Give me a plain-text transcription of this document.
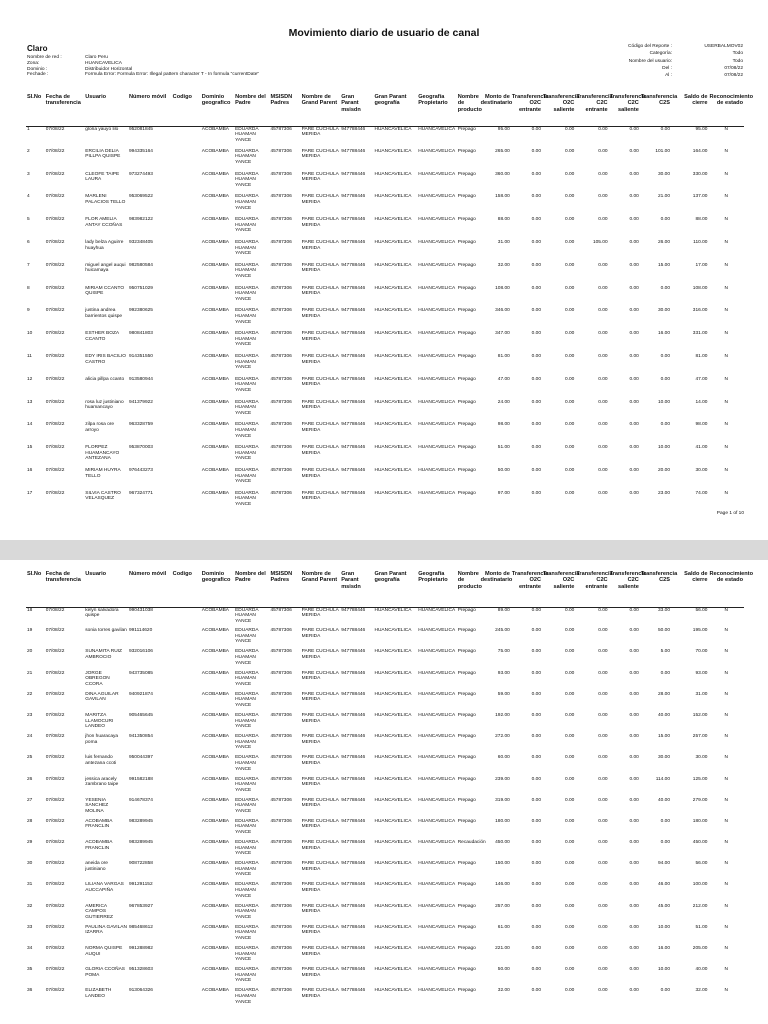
Movimiento diario de usuario de canal
Claro
Nombre de red :	Claro Peru
Zona:	HUANCAVELICA
Dominio :	Distribuidor Horizontal
Fechade :	Formula Error: Formula Error: Illegal pattern character T - In formula "currentDate"
Código del Reporte :	USERBALMOV02
Categoría:	Todo
Nombre del usuario:	Todo
Del :	07/08/22
Al :	07/08/22
SI.No	Fecha de transferencia	Usuario	Número móvil	Codigo	Dominio geografico	Nombre del Padre	MSISDN Padres	Nombre de Grand Parent	Gran Parant msisdn	Gran Parant geografía	Geografía Propietario	Nombre de producto	Monto de destinatario	Transferencia O2C entrante	Transferencia O2C saliente	Transferencia C2C entrante	Transferencia C2C saliente	Transferencia C2S	Saldo de cierre	Reconocimiento de estado
1	07/08/22	gloria yauyo lilo	952081845		ACOBAMBA	EDUARDA HUAMAN YANCE	45787306	PARE CUCHULA MERIDA	947788446	HUANCAVELICA	HUANCAVELICA	Prepago	95.00	0.00	0.00	0.00	0.00	0.00	95.00	N
2	07/08/22	ERCILIA DELIA PILLPA QUISPE	994335164		ACOBAMBA	EDUARDA HUAMAN YANCE	45787306	PARE CUCHULA MERIDA	947788446	HUANCAVELICA	HUANCAVELICA	Prepago	265.00	0.00	0.00	0.00	0.00	101.00	164.00	N
3	07/08/22	CLEOFE TAIPE LAURA	973274493		ACOBAMBA	EDUARDA HUAMAN YANCE	45787306	PARE CUCHULA MERIDA	947788446	HUANCAVELICA	HUANCAVELICA	Prepago	360.00	0.00	0.00	0.00	0.00	30.00	330.00	N
4	07/08/22	MARLENI PALACIOS TELLO	953069522		ACOBAMBA	EDUARDA HUAMAN YANCE	45787306	PARE CUCHULA MERIDA	947788446	HUANCAVELICA	HUANCAVELICA	Prepago	158.00	0.00	0.00	0.00	0.00	21.00	137.00	N
5	07/08/22	FLOR AMELIA ANTAY CCOÑAS	983982122		ACOBAMBA	EDUARDA HUAMAN YANCE	45787306	PARE CUCHULA MERIDA	947788446	HUANCAVELICA	HUANCAVELICA	Prepago	88.00	0.00	0.00	0.00	0.00	0.00	88.00	N
6	07/08/22	lady belza Aguirre huayhua	932348405		ACOBAMBA	EDUARDA HUAMAN YANCE	45787306	PARE CUCHULA MERIDA	947788446	HUANCAVELICA	HUANCAVELICA	Prepago	31.00	0.00	0.00	105.00	0.00	26.00	110.00	N
7	07/08/22	miguel angel auqui huicamaya	982580584		ACOBAMBA	EDUARDA HUAMAN YANCE	45787306	PARE CUCHULA MERIDA	947788446	HUANCAVELICA	HUANCAVELICA	Prepago	32.00	0.00	0.00	0.00	0.00	15.00	17.00	N
8	07/08/22	MIRIAM CCANTO QUISPE	950751029		ACOBAMBA	EDUARDA HUAMAN YANCE	45787306	PARE CUCHULA MERIDA	947788446	HUANCAVELICA	HUANCAVELICA	Prepago	108.00	0.00	0.00	0.00	0.00	0.00	108.00	N
9	07/08/22	justina andrea barrientos quispe	992380625		ACOBAMBA	EDUARDA HUAMAN YANCE	45787306	PARE CUCHULA MERIDA	947788446	HUANCAVELICA	HUANCAVELICA	Prepago	346.00	0.00	0.00	0.00	0.00	30.00	316.00	N
10	07/08/22	ESTHER BOZA CCANTO	980841803		ACOBAMBA	EDUARDA HUAMAN YANCE	45787306	PARE CUCHULA MERIDA	947788446	HUANCAVELICA	HUANCAVELICA	Prepago	347.00	0.00	0.00	0.00	0.00	16.00	331.00	N
11	07/08/22	EDY IRIS BACILIO CASTRO	914351550		ACOBAMBA	EDUARDA HUAMAN YANCE	45787306	PARE CUCHULA MERIDA	947788446	HUANCAVELICA	HUANCAVELICA	Prepago	81.00	0.00	0.00	0.00	0.00	0.00	81.00	N
12	07/08/22	alicia pillpa ccanto	913580944		ACOBAMBA	EDUARDA HUAMAN YANCE	45787306	PARE CUCHULA MERIDA	947788446	HUANCAVELICA	HUANCAVELICA	Prepago	47.00	0.00	0.00	0.00	0.00	0.00	47.00	N
13	07/08/22	rosa luz justiniano huamancayo	941379922		ACOBAMBA	EDUARDA HUAMAN YANCE	45787306	PARE CUCHULA MERIDA	947788446	HUANCAVELICA	HUANCAVELICA	Prepago	24.00	0.00	0.00	0.00	0.00	10.00	14.00	N
14	07/08/22	zilpa rosa ore arroyo	963328759		ACOBAMBA	EDUARDA HUAMAN YANCE	45787306	PARE CUCHULA MERIDA	947788446	HUANCAVELICA	HUANCAVELICA	Prepago	98.00	0.00	0.00	0.00	0.00	0.00	98.00	N
15	07/08/22	FLORPEZ HUAMANCAYO ANTEZANA	953870003		ACOBAMBA	EDUARDA HUAMAN YANCE	45787306	PARE CUCHULA MERIDA	947788446	HUANCAVELICA	HUANCAVELICA	Prepago	51.00	0.00	0.00	0.00	0.00	10.00	41.00	N
16	07/08/22	MIRIAM HUYRA TELLO	976443273		ACOBAMBA	EDUARDA HUAMAN YANCE	45787306	PARE CUCHULA MERIDA	947788446	HUANCAVELICA	HUANCAVELICA	Prepago	50.00	0.00	0.00	0.00	0.00	20.00	30.00	N
17	07/08/22	SILVIA CASTRO VELASQUEZ	967324771		ACOBAMBA	EDUARDA HUAMAN YANCE	45787306	PARE CUCHULA MERIDA	947788446	HUANCAVELICA	HUANCAVELICA	Prepago	97.00	0.00	0.00	0.00	0.00	23.00	74.00	N
Page 1 of 10
SI.No	Fecha de transferencia	Usuario	Número móvil	Codigo	Dominio geografico	Nombre del Padre	MSISDN Padres	Nombre de Grand Parent	Gran Parant msisdn	Gran Parant geografía	Geografía Propietario	Nombre de producto	Monto de destinatario	Transferencia O2C entrante	Transferencia O2C saliente	Transferencia C2C entrante	Transferencia C2C saliente	Transferencia C2S	Saldo de cierre	Reconocimiento de estado
18	07/08/22	kelyn salvadora quispe	990431038		ACOBAMBA	EDUARDA HUAMAN YANCE	45787306	PARE CUCHULA MERIDA	947788446	HUANCAVELICA	HUANCAVELICA	Prepago	89.00	0.00	0.00	0.00	0.00	33.00	56.00	N
19	07/08/22	sonia torres gavilan	991114620		ACOBAMBA	EDUARDA HUAMAN YANCE	45787306	PARE CUCHULA MERIDA	947788446	HUANCAVELICA	HUANCAVELICA	Prepago	245.00	0.00	0.00	0.00	0.00	50.00	195.00	N
20	07/08/22	SUNAMITA RUIZ AMBROCIO	932016106		ACOBAMBA	EDUARDA HUAMAN YANCE	45787306	PARE CUCHULA MERIDA	947788446	HUANCAVELICA	HUANCAVELICA	Prepago	75.00	0.00	0.00	0.00	0.00	5.00	70.00	N
21	07/08/22	JORGE OBREGON CCORA	943735085		ACOBAMBA	EDUARDA HUAMAN YANCE	45787306	PARE CUCHULA MERIDA	947788446	HUANCAVELICA	HUANCAVELICA	Prepago	93.00	0.00	0.00	0.00	0.00	0.00	93.00	N
22	07/08/22	DINA AGUILAR GAVILAN	940921874		ACOBAMBA	EDUARDA HUAMAN YANCE	45787306	PARE CUCHULA MERIDA	947788446	HUANCAVELICA	HUANCAVELICA	Prepago	59.00	0.00	0.00	0.00	0.00	28.00	31.00	N
23	07/08/22	MARITZA LLAMOCURI LANDEO	905465645		ACOBAMBA	EDUARDA HUAMAN YANCE	45787306	PARE CUCHULA MERIDA	947788446	HUANCAVELICA	HUANCAVELICA	Prepago	192.00	0.00	0.00	0.00	0.00	40.00	152.00	N
24	07/08/22	jhon huaracaya poma	941350854		ACOBAMBA	EDUARDA HUAMAN YANCE	45787306	PARE CUCHULA MERIDA	947788446	HUANCAVELICA	HUANCAVELICA	Prepago	272.00	0.00	0.00	0.00	0.00	15.00	257.00	N
25	07/08/22	luis fernando antezana ccoti	950044397		ACOBAMBA	EDUARDA HUAMAN YANCE	45787306	PARE CUCHULA MERIDA	947788446	HUANCAVELICA	HUANCAVELICA	Prepago	60.00	0.00	0.00	0.00	0.00	30.00	30.00	N
26	07/08/22	jessica aracely zambrano taipe	991582188		ACOBAMBA	EDUARDA HUAMAN YANCE	45787306	PARE CUCHULA MERIDA	947788446	HUANCAVELICA	HUANCAVELICA	Prepago	239.00	0.00	0.00	0.00	0.00	114.00	125.00	N
27	07/08/22	YESENIA SANCHEZ MOLINA	914678374		ACOBAMBA	EDUARDA HUAMAN YANCE	45787306	PARE CUCHULA MERIDA	947788446	HUANCAVELICA	HUANCAVELICA	Prepago	319.00	0.00	0.00	0.00	0.00	40.00	279.00	N
28	07/08/22	ACOBAMBA FRANCLIN	983289945		ACOBAMBA	EDUARDA HUAMAN YANCE	45787306	PARE CUCHULA MERIDA	947788446	HUANCAVELICA	HUANCAVELICA	Prepago	180.00	0.00	0.00	0.00	0.00	0.00	180.00	N
29	07/08/22	ACOBAMBA FRANCLIN	983289945		ACOBAMBA	EDUARDA HUAMAN YANCE	45787306	PARE CUCHULA MERIDA	947788446	HUANCAVELICA	HUANCAVELICA	Recaudación	450.00	0.00	0.00	0.00	0.00	0.00	450.00	N
30	07/08/22	aneida ore justiniano	908722858		ACOBAMBA	EDUARDA HUAMAN YANCE	45787306	PARE CUCHULA MERIDA	947788446	HUANCAVELICA	HUANCAVELICA	Prepago	150.00	0.00	0.00	0.00	0.00	94.00	56.00	N
31	07/08/22	LILIANA VARGAS AUCCAPIÑA	991291152		ACOBAMBA	EDUARDA HUAMAN YANCE	45787306	PARE CUCHULA MERIDA	947788446	HUANCAVELICA	HUANCAVELICA	Prepago	146.00	0.00	0.00	0.00	0.00	46.00	100.00	N
32	07/08/22	AMERICA CAMPOS GUTIERREZ	967853927		ACOBAMBA	EDUARDA HUAMAN YANCE	45787306	PARE CUCHULA MERIDA	947788446	HUANCAVELICA	HUANCAVELICA	Prepago	257.00	0.00	0.00	0.00	0.00	45.00	212.00	N
33	07/08/22	PAULINA GAVILAN IZARRA	985468612		ACOBAMBA	EDUARDA HUAMAN YANCE	45787306	PARE CUCHULA MERIDA	947788446	HUANCAVELICA	HUANCAVELICA	Prepago	61.00	0.00	0.00	0.00	0.00	10.00	51.00	N
34	07/08/22	NORMA QUISPE AUQUI	991288982		ACOBAMBA	EDUARDA HUAMAN YANCE	45787306	PARE CUCHULA MERIDA	947788446	HUANCAVELICA	HUANCAVELICA	Prepago	221.00	0.00	0.00	0.00	0.00	16.00	205.00	N
35	07/08/22	GLORIA CCOÑAS POMA	951328603		ACOBAMBA	EDUARDA HUAMAN YANCE	45787306	PARE CUCHULA MERIDA	947788446	HUANCAVELICA	HUANCAVELICA	Prepago	50.00	0.00	0.00	0.00	0.00	10.00	40.00	N
36	07/08/22	ELIZABETH LANDEO	913064326		ACOBAMBA	EDUARDA HUAMAN YANCE	45787306	PARE CUCHULA MERIDA	947788446	HUANCAVELICA	HUANCAVELICA	Prepago	32.00	0.00	0.00	0.00	0.00	0.00	32.00	N
